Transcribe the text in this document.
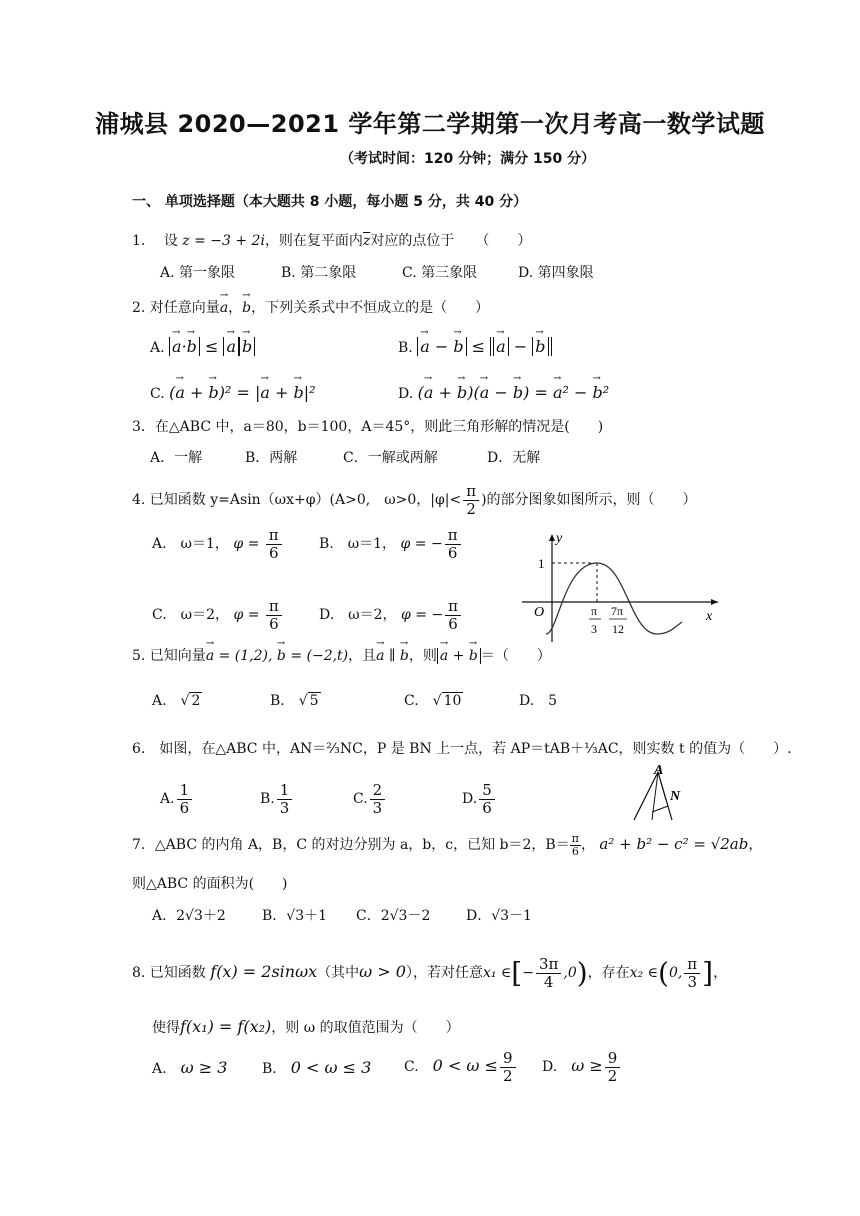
浦城县 2020—2021 学年第二学期第一次月考高一数学试题
（考试时间：120 分钟；满分 150 分）
一、 单项选择题（本大题共 8 小题，每小题 5 分，共 40 分）
1.　 设 z = −3 + 2i，则在复平面内$\overline{z}$对应的点位于　　（　　）
A. 第一象限	B. 第二象限	C. 第三象限	D. 第四象限
2. 对任意向量→ a，→ b，下列关系式中不恒成立的是（　　）
A. → a·→ b ≤ → a → b	B. → a − → b ≤ → a − → b
C. (→ a + → b)² = |→ a + → b|²	D. (→ a + → b)(→ a − → b) = → a² − → b²
3．在△ABC 中，a＝80，b＝100，A＝45°，则此三角形解的情况是(　　)
A．一解	B．两解	C．一解或两解	D．无解
4. 已知函数 y=Asin（ωx+φ）(A>0,　ω>0，$|\varphi|< \frac{\pi}{2}$ )的部分图象如图所示，则（　　）
A.　ω＝1， $\varphi = \frac{\pi}{6}$	B.　ω＝1， φ = − $\frac{\pi}{6}$
C.　ω＝2， $\varphi = \frac{\pi}{6}$	D.　ω＝2， φ = − $\frac{\pi}{6}$
y
x
O
1
π
3
7π
12
5. 已知向量→ a = (1,2), → b = (−2,t)，且→ a ∥ → b，则 → a + → b ＝（　　）
A.　√ 2	B.　√ 5	C.　√ 10	D.　5
6.　如图，在△ABC 中，AN＝⅔NC，P 是 BN 上一点，若 AP＝tAB＋⅓AC，则实数 t 的值为（　　）.
A. $\frac{1}{6}$	B. $\frac{1}{3}$	C. $\frac{2}{3}$	D. $\frac{5}{6}$
A
N
7．△ABC 的内角 A，B，C 的对边分别为 a，b，c，已知 b＝2，$B= \frac{\pi}{6}$ ， a² + b² − c² = √2ab，
则△ABC 的面积为(　　)
A．2√3＋2	B．√3＋1 C．2√3－2	D．√3－1
8. 已知函数 f(x) = 2sinωx（其中ω > 0），若对任意x₁ ∈[− $\frac{3\pi}{4} ,0$)，存在x₂ ∈(0, $\frac{\pi}{3}$ ]，
使得f(x₁) = f(x₂)，则 ω 的取值范围为（　　）
A.　 ω ≥ 3 B.　 0 < ω ≤ 3 C.　 $0 < \omega \le \frac{9}{2} D$.　 $\omega \ge \frac{9}{2}$
